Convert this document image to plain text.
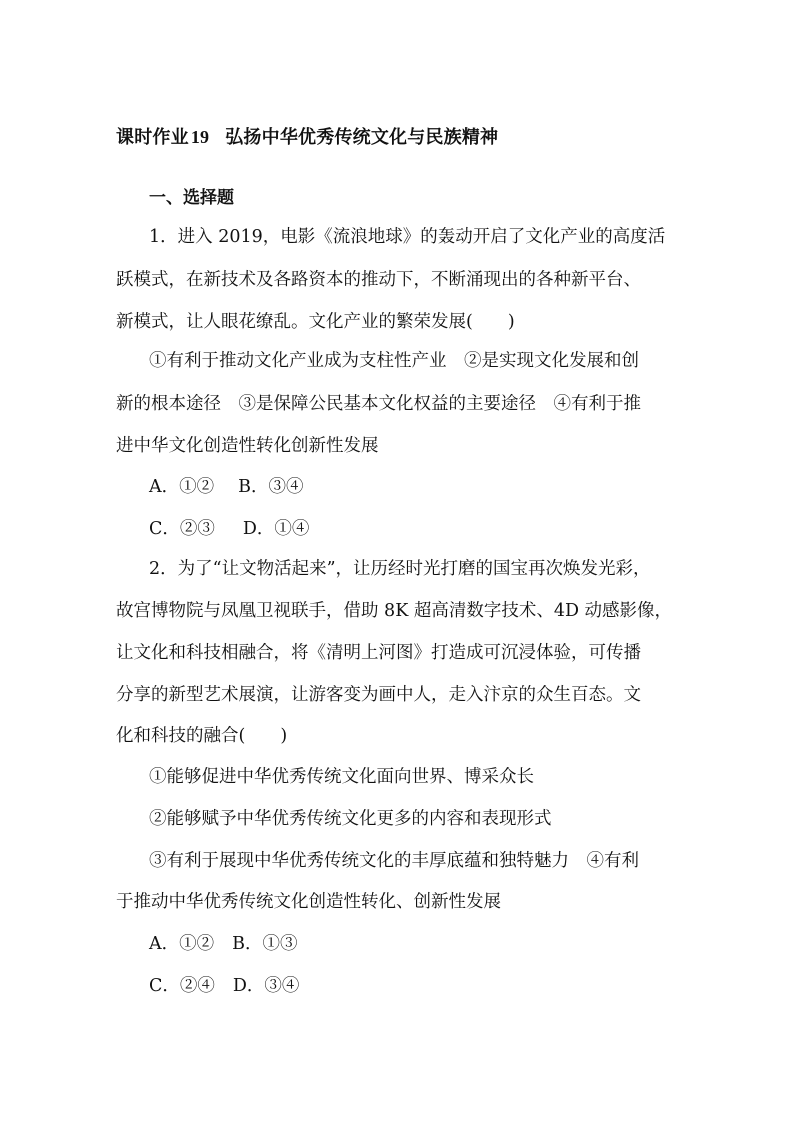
课时作业 19 弘扬中华优秀传统文化与民族精神
一、选择题
1．进入 2019，电影《流浪地球》的轰动开启了文化产业的高度活
跃模式，在新技术及各路资本的推动下，不断涌现出的各种新平台、
新模式，让人眼花缭乱。文化产业的繁荣发展(　　)
①有利于推动文化产业成为支柱性产业　②是实现文化发展和创
新的根本途径　③是保障公民基本文化权益的主要途径　④有利于推
进中华文化创造性转化创新性发展
A．①② B．③④
C．②③ D．①④
2．为了“让文物活起来”，让历经时光打磨的国宝再次焕发光彩，
故宫博物院与凤凰卫视联手，借助 8K 超高清数字技术、4D 动感影像，
让文化和科技相融合，将《清明上河图》打造成可沉浸体验，可传播
分享的新型艺术展演，让游客变为画中人，走入汴京的众生百态。文
化和科技的融合(　　)
①能够促进中华优秀传统文化面向世界、博采众长
②能够赋予中华优秀传统文化更多的内容和表现形式
③有利于展现中华优秀传统文化的丰厚底蕴和独特魅力　④有利
于推动中华优秀传统文化创造性转化、创新性发展
A．①② B．①③
C．②④ D．③④
